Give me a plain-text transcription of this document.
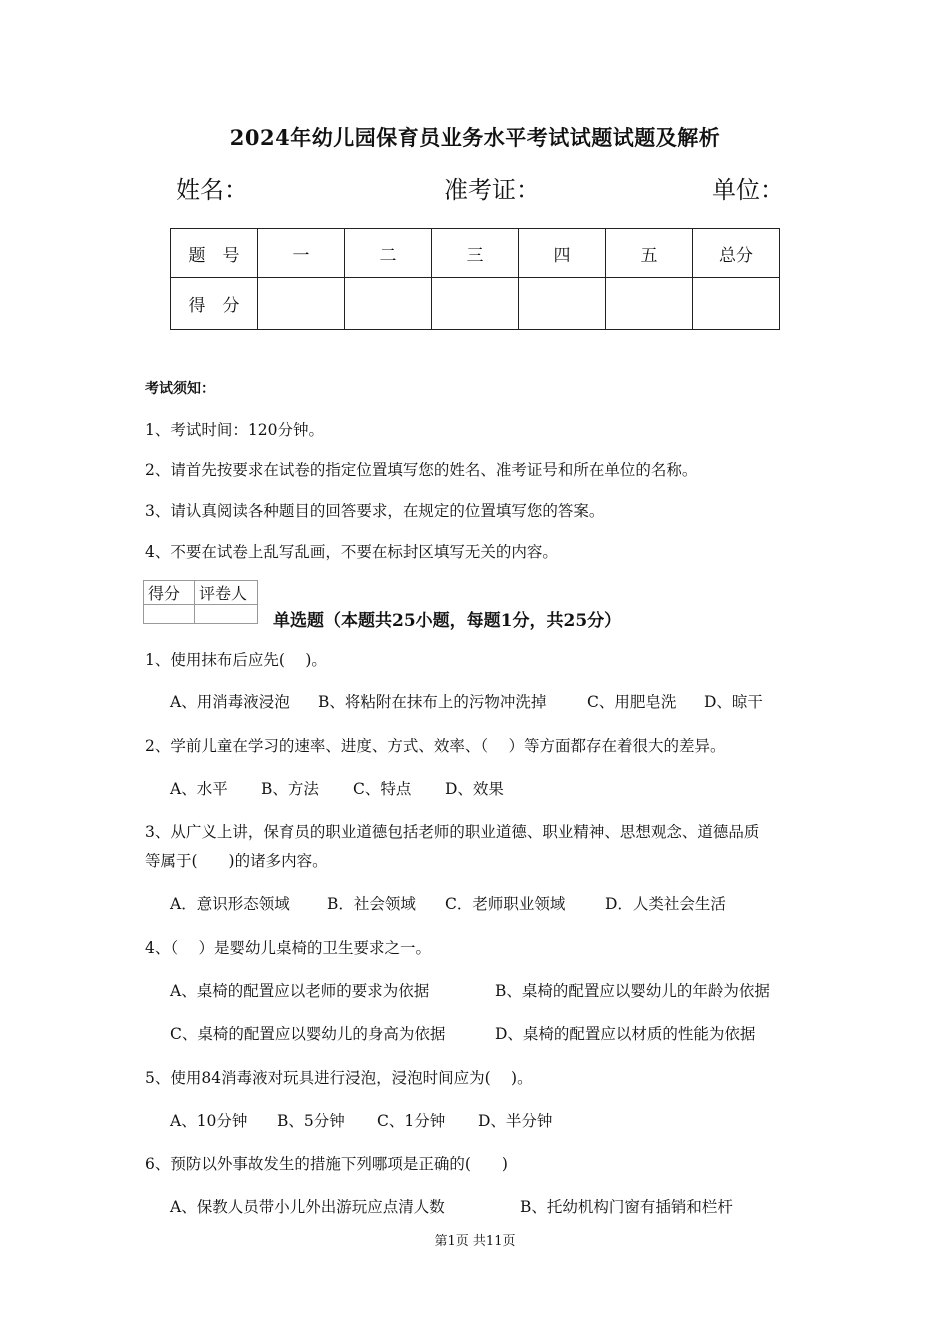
2024年幼儿园保育员业务水平考试试题试题及解析
姓名：	准考证：	单位：
题　号	一	二	三	四	五	总分
得　分						
考试须知：
1、考试时间：120分钟。
2、请首先按要求在试卷的指定位置填写您的姓名、准考证号和所在单位的名称。
3、请认真阅读各种题目的回答要求，在规定的位置填写您的答案。
4、不要在试卷上乱写乱画，不要在标封区填写无关的内容。
得分	评卷人

单选题（本题共25小题，每题1分，共25分）
1、使用抹布后应先(　 )。
A、用消毒液浸泡 B、将粘附在抹布上的污物冲洗掉	C、用肥皂洗 D、晾干
2、学前儿童在学习的速率、进度、方式、效率、（　 ）等方面都存在着很大的差异。
A、水平 B、方法 C、特点 D、效果
3、从广义上讲，保育员的职业道德包括老师的职业道德、职业精神、思想观念、道德品质
等属于(　　)的诸多内容。
A．意识形态领域 B．社会领域 C．老师职业领域	D．人类社会生活
4、（　 ）是婴幼儿桌椅的卫生要求之一。
A、桌椅的配置应以老师的要求为依据	B、桌椅的配置应以婴幼儿的年龄为依据
C、桌椅的配置应以婴幼儿的身高为依据	D、桌椅的配置应以材质的性能为依据
5、使用84消毒液对玩具进行浸泡，浸泡时间应为(　 )。
A、10分钟 B、5分钟 C、1分钟 D、半分钟
6、预防以外事故发生的措施下列哪项是正确的(　　)
A、保教人员带小儿外出游玩应点清人数	B、托幼机构门窗有插销和栏杆
第1页 共11页
